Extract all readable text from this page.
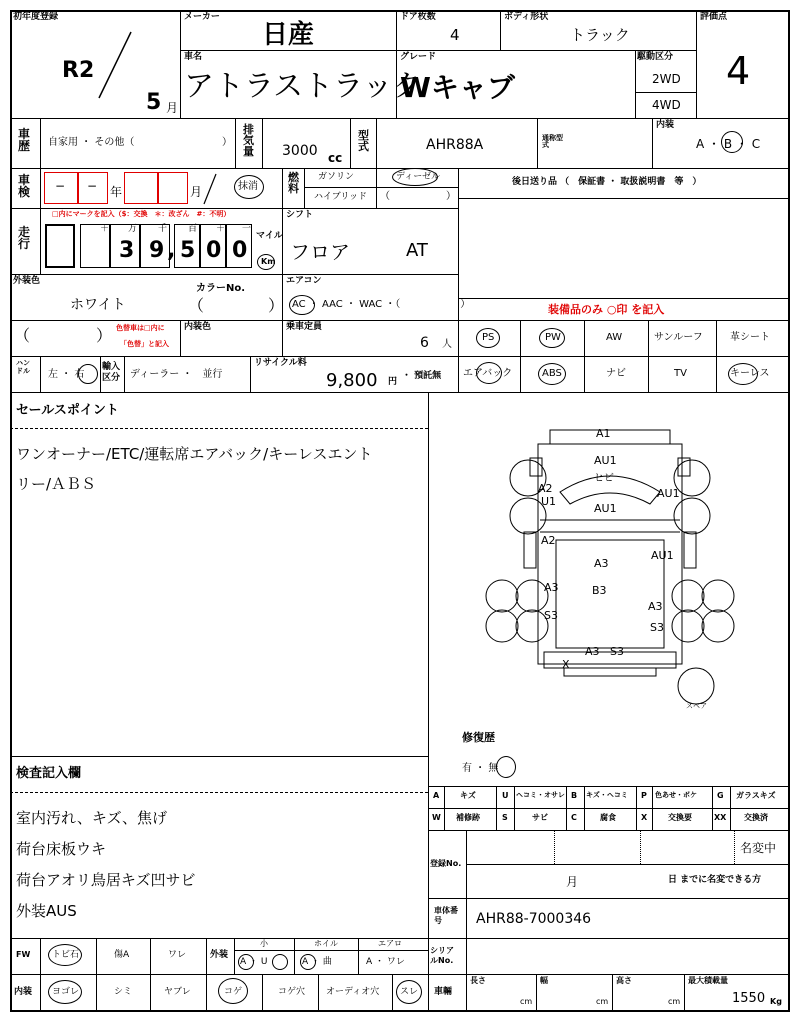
初年度登録
R2
5 月
メーカー
日産
ドア枚数
4
ボディ形状
トラック
評価点
4
車名
アトラストラック
グレード
Wキャブ
駆動区分
2WD
4WD
車歴 自家用 ・ その他（	）
排気量 3000 cc
型式	AHR88A	通称型式
内装
A ・ B ・ C
車検 − − 年	月	抹消
燃料
ガソリン	ディーゼル
ハイブリッド （	）
後日送り品 （　保証書 ・ 取扱説明書　等　）
走行
□内にマークを記入（$：交換　＊：改ざん　#：不明）
＋ 万 千 百 ＋ 一
3 9 , 5 0 0
マイル
Km
シフト
フロア	AT
外装色
ホワイト
カラーNo.
（　　　　）
エアコン
AC ・ AAC ・ WAC ・（　　　　　　）	装備品のみ ○印 を記入
（	） 色替車は□内に
「色替」と記入
内装色	乗車定員
6 人
PS	PW	AW	サンルーフ	革シート
ハンドル 左 ・ 右
輸入区分 ディーラー ・　並行
リサイクル料
9,800 円
・ 預託無 エアバック	ABS	ナビ	TV	キーレス
セールスポイント
ワンオーナー/ETC/運転席エアバック/キーレスエント
リー/ＡＢＳ
A1
AU1
ヒビ
A2
U1
AU1
AU1
A2
AU1
A3
B3
A3
S3
A3
S3
A3 S3
X
スペア
修復歴
有 ・ 無
検査記入欄
室内汚れ、キズ、焦げ
荷台床板ウキ
荷台アオリ鳥居キズ凹サビ
外装AUS
A	キズ	U ヘコミ・オサレ B キズ・ヘコミ P 色あせ・ボケ	G ガラスキズ
W 補修跡	S	サビ	C	腐食	X	交換要	XX 交換済
登録No.
名変中
月	日 までに名変できる方
車体番号	AHR88-7000346
FW トビ石	傷A	ワレ	外装
小	ホイル	エアロ
A ・ U	A ・ 曲	A ・ ワレ
内装 ヨゴレ	シミ	ヤブレ	コゲ	コゲ穴 オーディオ穴 スレ
シリアルNo.
車輛
長さ
cm
幅
cm
高さ
cm
最大積載量
1550 Kg
